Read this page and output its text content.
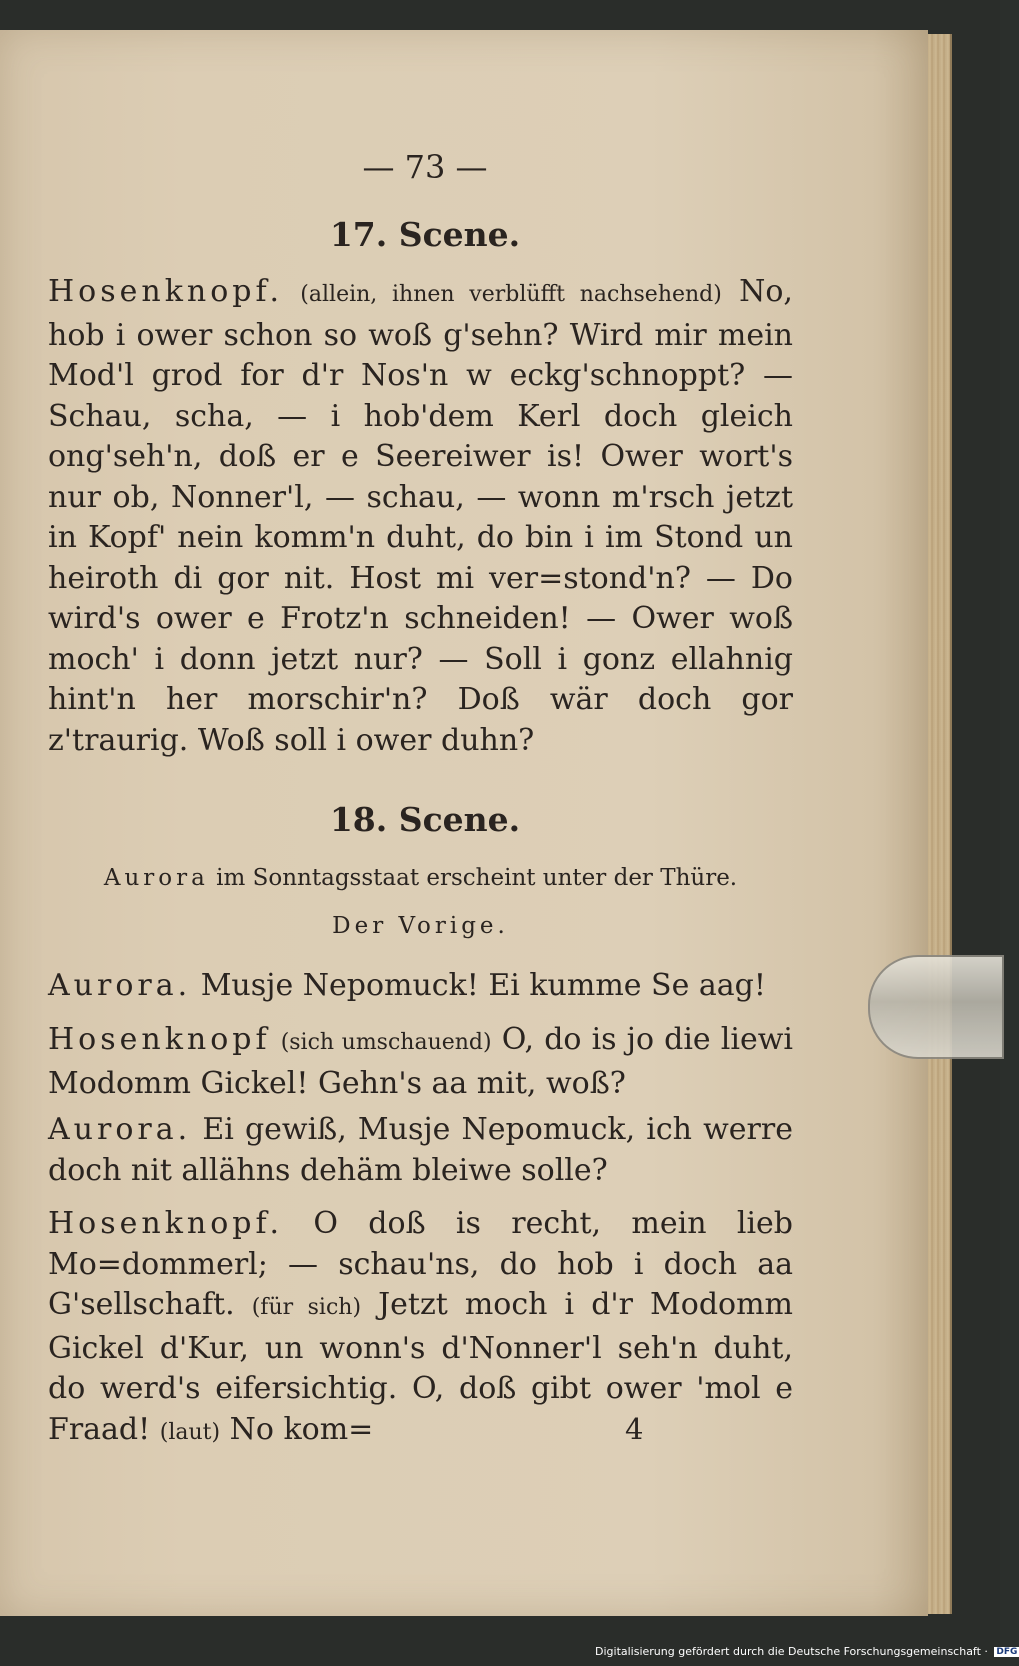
— 73 —
17. Scene.
Hosenknopf. (allein, ihnen verblüfft nachsehend) No, hob i ower schon so woß g'sehn? Wird mir mein Mod'l grod for d'r Nos'n w eckg'schnoppt? — Schau, scha, — i hob'dem Kerl doch gleich ong'seh'n, doß er e Seereiwer is! Ower wort's nur ob, Nonner'l, — schau, — wonn m'rsch jetzt in Kopf' nein komm'n duht, do bin i im Stond un heiroth di gor nit. Host mi ver=stond'n? — Do wird's ower e Frotz'n schneiden! — Ower woß moch' i donn jetzt nur? — Soll i gonz ellahnig hint'n her morschir'n? Doß wär doch gor z'traurig. Woß soll i ower duhn?
18. Scene.
Aurora im Sonntagsstaat erscheint unter der Thüre.
Der Vorige.
Aurora. Musje Nepomuck! Ei kumme Se aag!
Hosenknopf (sich umschauend) O, do is jo die liewi Modomm Gickel! Gehn's aa mit, woß?
Aurora. Ei gewiß, Musje Nepomuck, ich werre doch nit allähns dehäm bleiwe solle?
Hosenknopf. O doß is recht, mein lieb Mo=dommerl; — schau'ns, do hob i doch aa G'sellschaft. (für sich) Jetzt moch i d'r Modomm Gickel d'Kur, un wonn's d'Nonner'l seh'n duht, do werd's eifersichtig. O, doß gibt ower 'mol e Fraad! (laut) No kom=	4
Digitalisierung gefördert durch die Deutsche Forschungsgemeinschaft · DFG
